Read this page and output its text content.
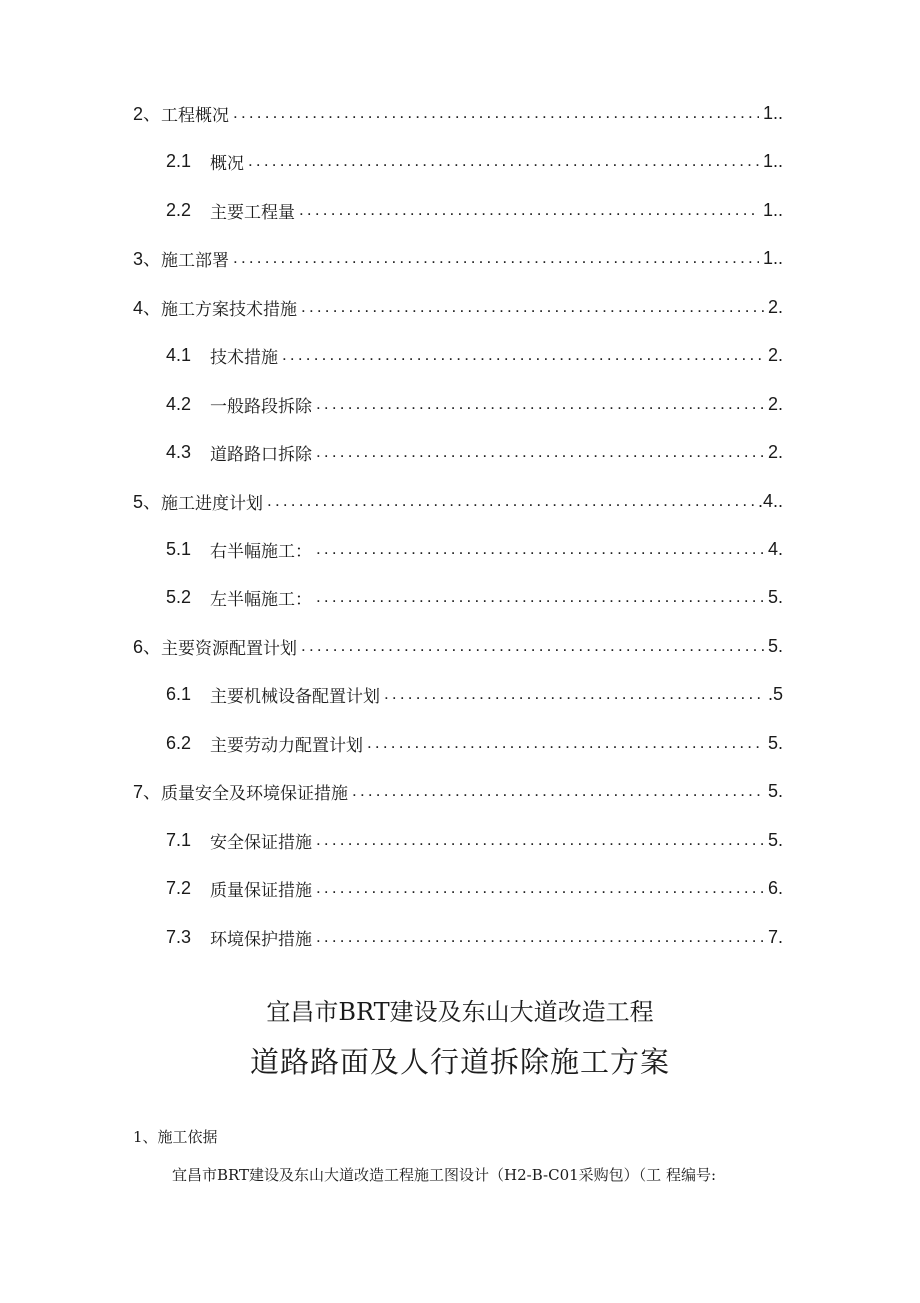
2、 工程概况 .....	1..
2.1	概况 .....	1..
2.2	主要工程量 .....	1..
3、 施工部署 .....	1..
4、 施工方案技术措施 .....	2.
4.1	技术措施 .....	2.
4.2	一般路段拆除 .....	2.
4.3	道路路口拆除 .....	2.
5、 施工进度计划 .....	.4..
5.1	右半幅施工： .....	4.
5.2	左半幅施工： .....	5.
6、 主要资源配置计划 .....	5.
6.1	主要机械设备配置计划 .....	.5
6.2	主要劳动力配置计划 .....	5.
7、 质量安全及环境保证措施 .....	5.
7.1	安全保证措施 .....	5.
7.2	质量保证措施 .....	6.
7.3	环境保护措施 .....	7.
宜昌市BRT建设及东山大道改造工程
道路路面及人行道拆除施工方案
1、施工依据
宜昌市BRT建设及东山大道改造工程施工图设计（H2-B-C01采购包）（工 程编号:
